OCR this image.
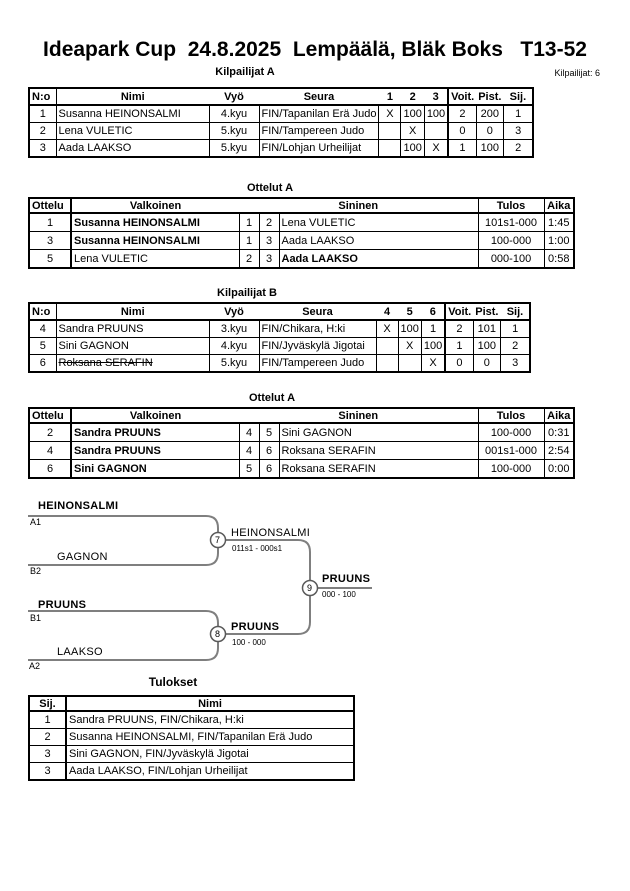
Ideapark Cup  24.8.2025  Lempäälä, Bläk Boks   T13-52
Kilpailijat A	Kilpailijat: 6
N:o	Nimi	Vyö	Seura	1	2	3	Voit.	Pist.	Sij.
1	Susanna HEINONSALMI	4.kyu	FIN/Tapanilan Erä Judo	X	100	100	2	200	1
2	Lena VULETIC	5.kyu	FIN/Tampereen Judo		X		0	0	3
3	Aada LAAKSO	5.kyu	FIN/Lohjan Urheilijat		100	X	1	100	2
Ottelut A
Ottelu	Valkoinen	Sininen			Tulos	Aika
1	Susanna HEINONSALMI	1	2	Lena VULETIC	101s1-000	1:45
3	Susanna HEINONSALMI	1	3	Aada LAAKSO	100-000	1:00
5	Lena VULETIC	2	3	Aada LAAKSO	000-100	0:58
Kilpailijat B
N:o	Nimi	Vyö	Seura	4	5	6	Voit.	Pist.	Sij.
4	Sandra PRUUNS	3.kyu	FIN/Chikara, H:ki	X	100	1	2	101	1
5	Sini GAGNON	4.kyu	FIN/Jyväskylä Jigotai		X	100	1	100	2
6	Roksana SERAFIN	5.kyu	FIN/Tampereen Judo			X	0	0	3
Ottelut A
Ottelu	Valkoinen	Sininen			Tulos	Aika
2	Sandra PRUUNS	4	5	Sini GAGNON	100-000	0:31
4	Sandra PRUUNS	4	6	Roksana SERAFIN	001s1-000	2:54
6	Sini GAGNON	5	6	Roksana SERAFIN	100-000	0:00
HEINONSALMI
A1
GAGNON
B2
7
HEINONSALMI
011s1 - 000s1
9
PRUUNS
000 - 100
PRUUNS
B1
LAAKSO
A2
8
PRUUNS
100 - 000
Tulokset
Sij.	Nimi
1	Sandra PRUUNS, FIN/Chikara, H:ki
2	Susanna HEINONSALMI, FIN/Tapanilan Erä Judo
3	Sini GAGNON, FIN/Jyväskylä Jigotai
3	Aada LAAKSO, FIN/Lohjan Urheilijat
